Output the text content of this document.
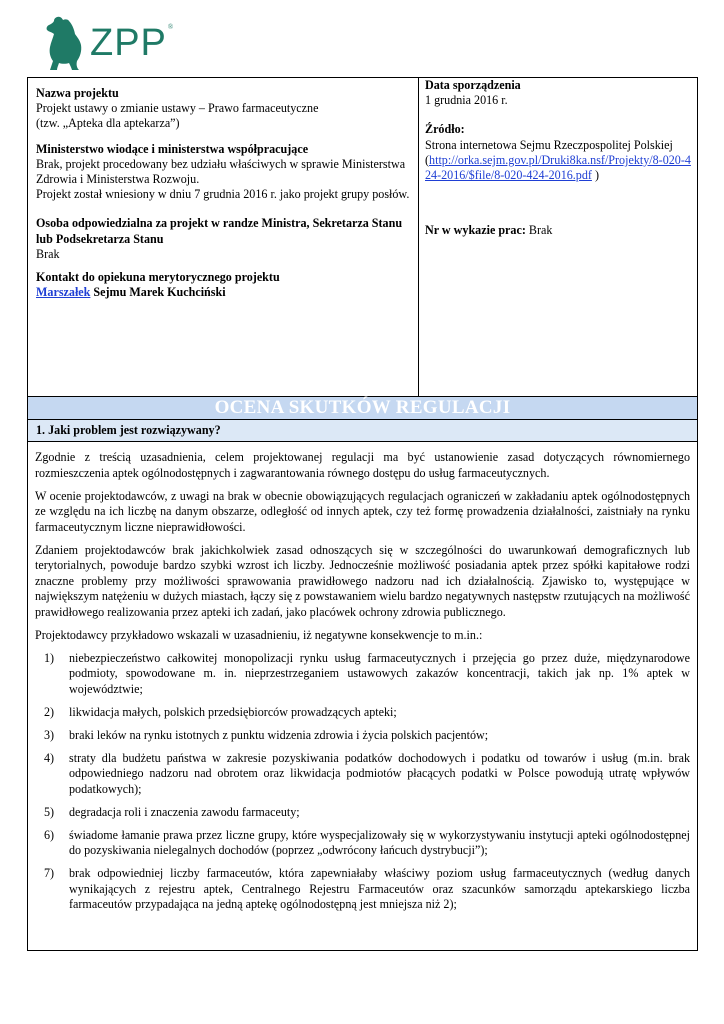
ZPP ®
Nazwa projektu
Projekt ustawy o zmianie ustawy – Prawo farmaceutyczne
(tzw. „Apteka dla aptekarza”)
Ministerstwo wiodące i ministerstwa współpracujące
Brak, projekt procedowany bez udziału właściwych w sprawie Ministerstwa Zdrowia i Ministerstwa Rozwoju.
Projekt został wniesiony w dniu 7 grudnia 2016 r. jako projekt grupy posłów.
Osoba odpowiedzialna za projekt w randze Ministra, Sekretarza Stanu lub Podsekretarza Stanu
Brak
Kontakt do opiekuna merytorycznego projektu
Marszałek Sejmu Marek Kuchciński
Data sporządzenia
1 grudnia 2016 r.
Źródło:
Strona internetowa Sejmu Rzeczpospolitej Polskiej
(http://orka.sejm.gov.pl/Druki8ka.nsf/Projekty/8-020-424-2016/$file/8-020-424-2016.pdf )
Nr w wykazie prac: Brak
OCENA SKUTKÓW REGULACJI
1. Jaki problem jest rozwiązywany?

Zgodnie z treścią uzasadnienia, celem projektowanej regulacji ma być ustanowienie zasad dotyczących równomiernego rozmieszczenia aptek ogólnodostępnych i zagwarantowania równego dostępu do usług farmaceutycznych.

W ocenie projektodawców, z uwagi na brak w obecnie obowiązujących regulacjach ograniczeń w zakładaniu aptek ogólnodostępnych ze względu na ich liczbę na danym obszarze, odległość od innych aptek, czy też formę prowadzenia działalności, zaistniały na rynku farmaceutycznym liczne nieprawidłowości.

Zdaniem projektodawców brak jakichkolwiek zasad odnoszących się w szczególności do uwarunkowań demograficznych lub terytorialnych, powoduje bardzo szybki wzrost ich liczby. Jednocześnie możliwość posiadania aptek przez spółki kapitałowe rodzi znaczne problemy przy możliwości sprawowania prawidłowego nadzoru nad ich działalnością. Zjawisko to, występujące w największym natężeniu w dużych miastach, łączy się z powstawaniem wielu bardzo negatywnych następstw rzutujących na możliwość prawidłowego realizowania przez apteki ich zadań, jako placówek ochrony zdrowia publicznego.

Projektodawcy przykładowo wskazali w uzasadnieniu, iż negatywne konsekwencje to m.in.:

1) niebezpieczeństwo całkowitej monopolizacji rynku usług farmaceutycznych i przejęcia go przez duże, międzynarodowe podmioty, spowodowane m. in. nieprzestrzeganiem ustawowych zakazów koncentracji, takich jak np. 1% aptek w województwie;
2) likwidacja małych, polskich przedsiębiorców prowadzących apteki;
3) braki leków na rynku istotnych z punktu widzenia zdrowia i życia polskich pacjentów;
4) straty dla budżetu państwa w zakresie pozyskiwania podatków dochodowych i podatku od towarów i usług (m.in. brak odpowiedniego nadzoru nad obrotem oraz likwidacja podmiotów płacących podatki w Polsce powodują utratę wpływów podatkowych);
5) degradacja roli i znaczenia zawodu farmaceuty;
6) świadome łamanie prawa przez liczne grupy, które wyspecjalizowały się w wykorzystywaniu instytucji apteki ogólnodostępnej do pozyskiwania nielegalnych dochodów (poprzez „odwrócony łańcuch dystrybucji”);
7) brak odpowiedniej liczby farmaceutów, która zapewniałaby właściwy poziom usług farmaceutycznych (według danych wynikających z rejestru aptek, Centralnego Rejestru Farmaceutów oraz szacunków samorządu aptekarskiego liczba farmaceutów przypadająca na jedną aptekę ogólnodostępną jest mniejsza niż 2);
